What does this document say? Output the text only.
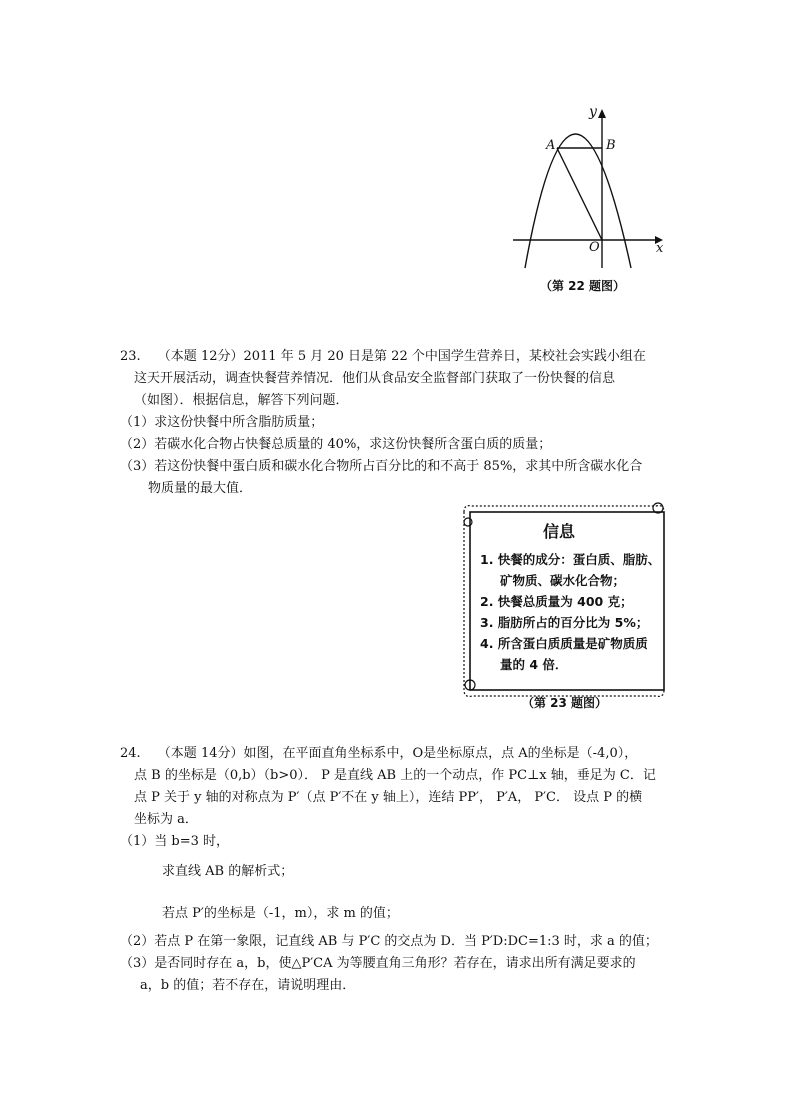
y
x
A	B
O
（第 22 题图）
23.　 （本题 12分）2011 年 5 月 20 日是第 22 个中国学生营养日，某校社会实践小组在
这天开展活动，调查快餐营养情况．他们从食品安全监督部门获取了一份快餐的信息
（如图）．根据信息，解答下列问题．
（1）求这份快餐中所含脂肪质量；
（2）若碳水化合物占快餐总质量的 40%，求这份快餐所含蛋白质的质量；
（3）若这份快餐中蛋白质和碳水化合物所占百分比的和不高于 85%，求其中所含碳水化合
物质量的最大值．
信息
1. 快餐的成分：蛋白质、脂肪、
矿物质、碳水化合物；
2. 快餐总质量为 400 克；
3. 脂肪所占的百分比为 5%；
4. 所含蛋白质质量是矿物质质
量的 4 倍．
（第 23 题图）
24.　 （本题 14分）如图，在平面直角坐标系中，O是坐标原点，点 A的坐标是（-4,0），
点 B 的坐标是（0,b）（b>0）． P 是直线 AB 上的一个动点，作 PC⊥x 轴，垂足为 C．记
点 P 关于 y 轴的对称点为 P′（点 P′不在 y 轴上），连结 PP′， P′A， P′C． 设点 P 的横
坐标为 a．
（1）当 b=3 时，
求直线 AB 的解析式；
若点 P′的坐标是（-1，m），求 m 的值；
（2）若点 P 在第一象限，记直线 AB 与 P′C 的交点为 D．当 P′D:DC=1:3 时，求 a 的值；
（3）是否同时存在 a，b，使△P′CA 为等腰直角三角形？若存在，请求出所有满足要求的
a，b 的值；若不存在，请说明理由．
